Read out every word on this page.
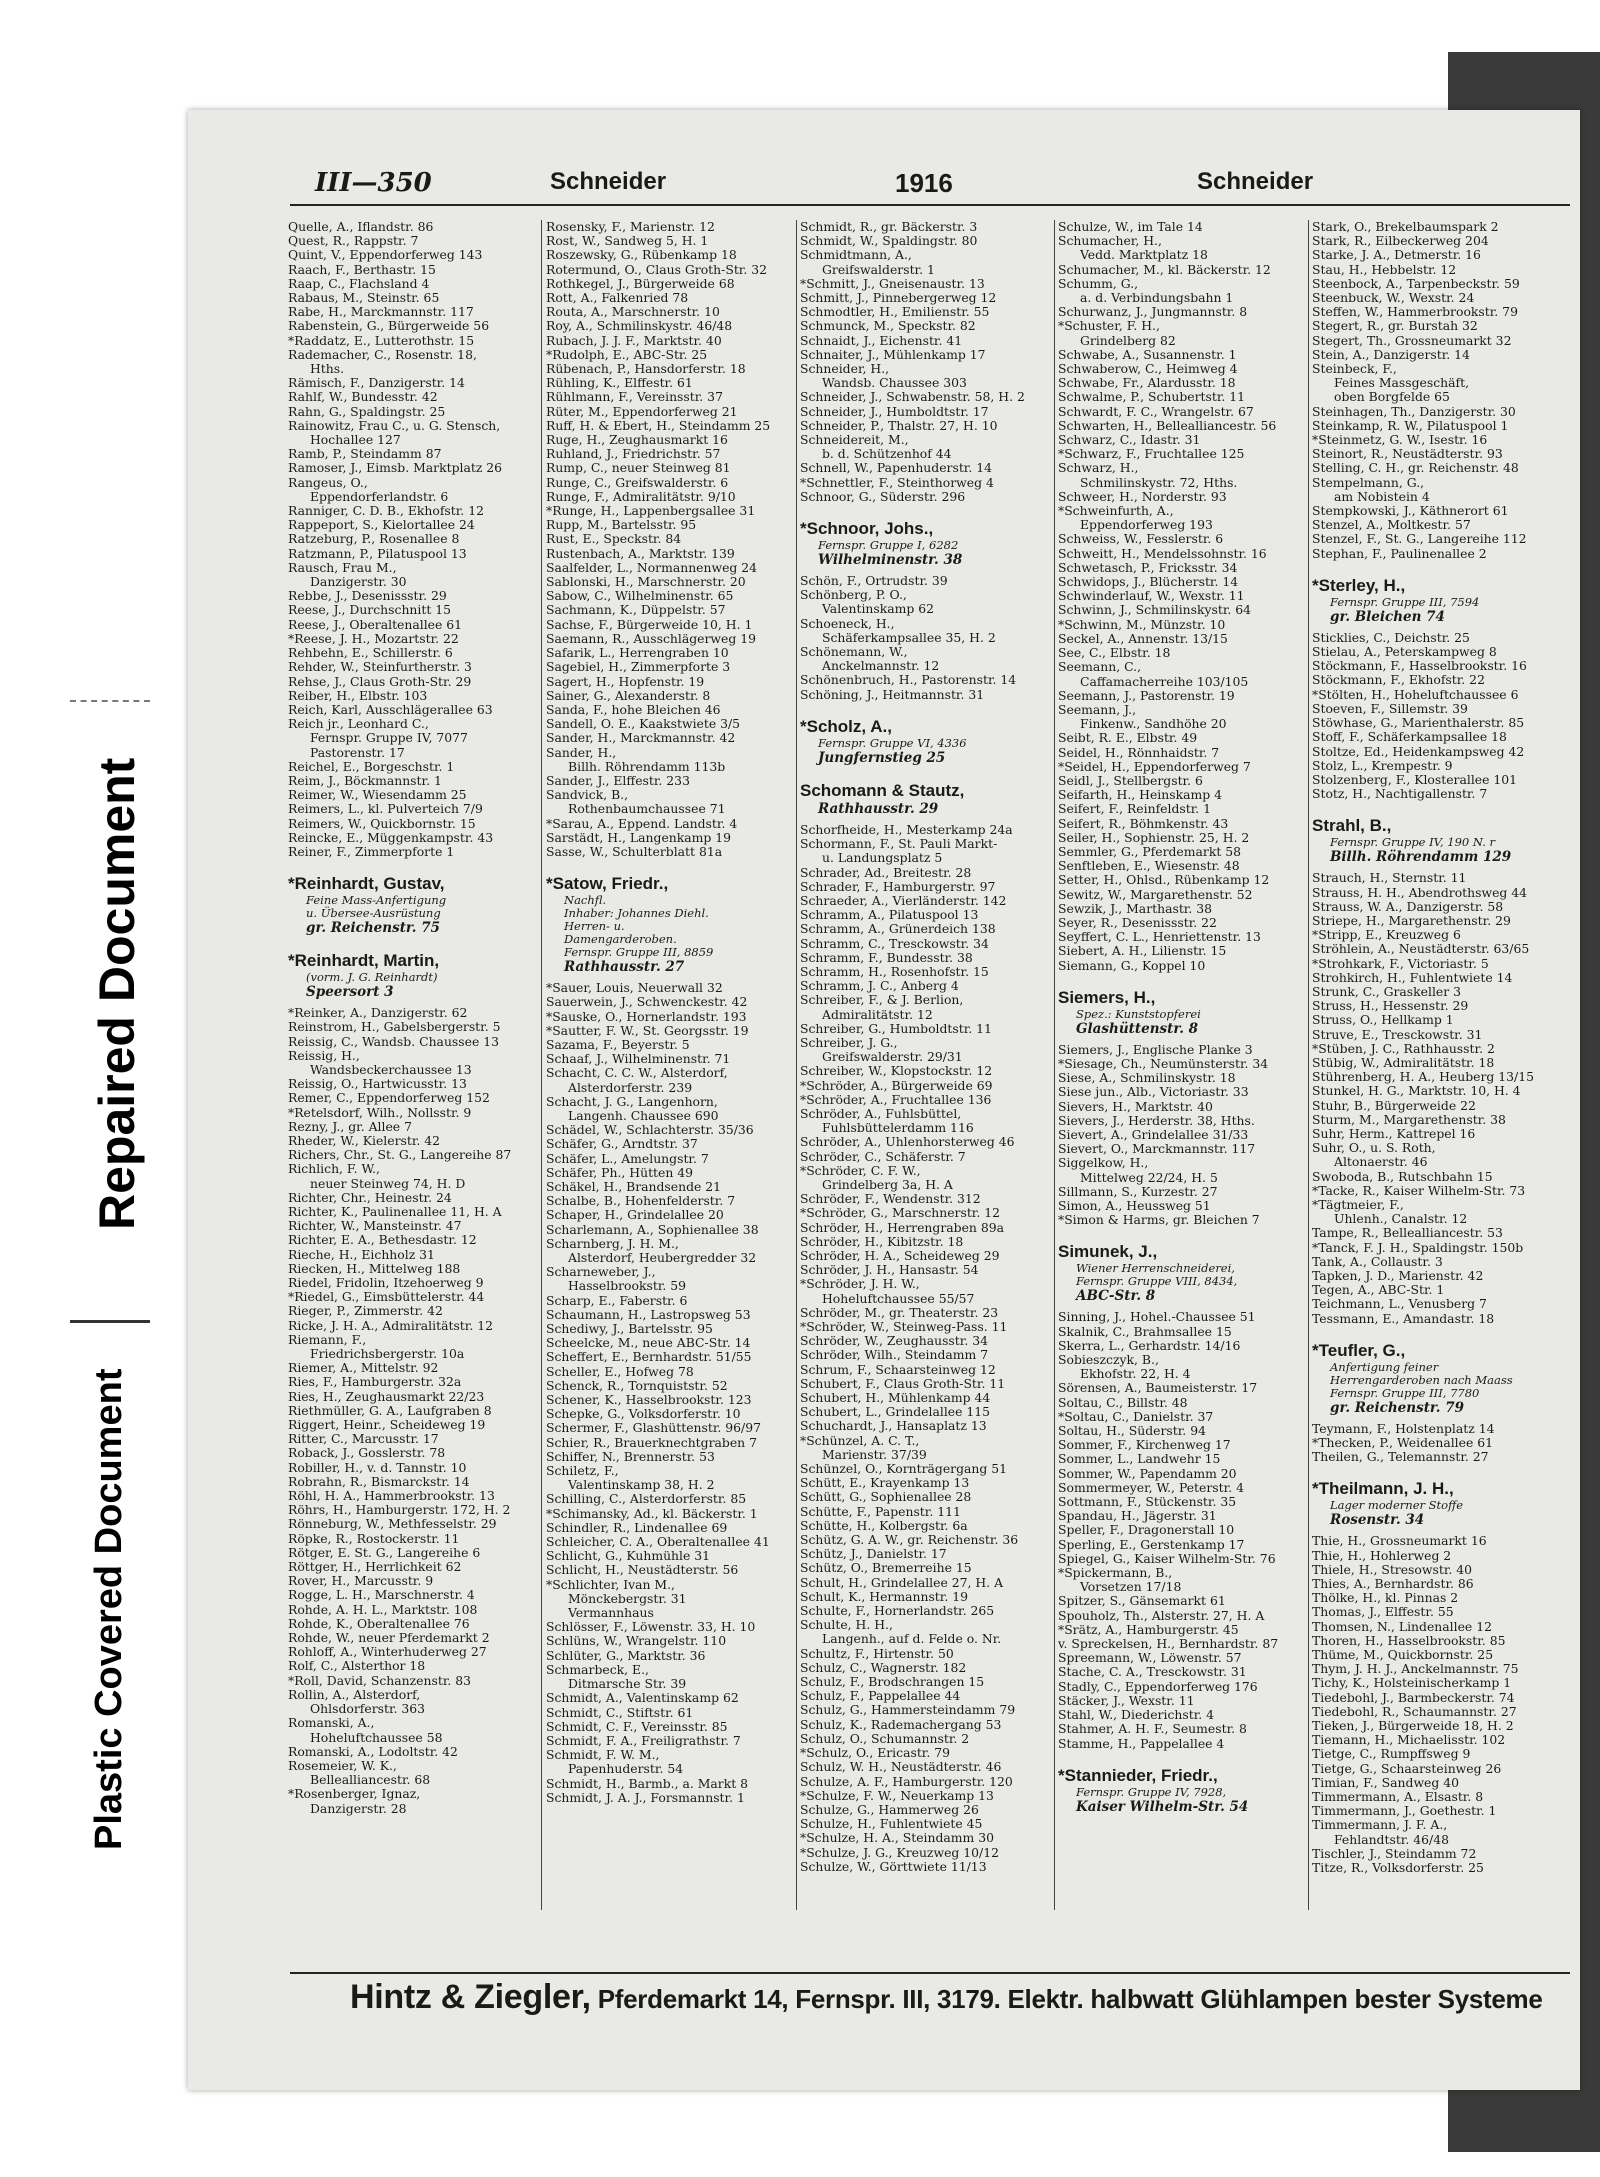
Plastic Covered Document
Repaired Document
III—350	Schneider	1916	Schneider
Quelle, A., Iflandstr. 86
Quest, R., Rappstr. 7
Quint, V., Eppendorferweg 143
Raach, F., Berthastr. 15
Raap, C., Flachsland 4
Rabaus, M., Steinstr. 65
Rabe, H., Marckmannstr. 117
Rabenstein, G., Bürgerweide 56
*Raddatz, E., Lutterothstr. 15
Rademacher, C., Rosenstr. 18,
Hths.
Rämisch, F., Danzigerstr. 14
Rahlf, W., Bundesstr. 42
Rahn, G., Spaldingstr. 25
Rainowitz, Frau C., u. G. Stensch,
Hochallee 127
Ramb, P., Steindamm 87
Ramoser, J., Eimsb. Marktplatz 26
Rangeus, O.,
Eppendorferlandstr. 6
Ranniger, C. D. B., Ekhofstr. 12
Rappeport, S., Kielortallee 24
Ratzeburg, P., Rosenallee 8
Ratzmann, P., Pilatuspool 13
Rausch, Frau M.,
Danzigerstr. 30
Rebbe, J., Desenissstr. 29
Reese, J., Durchschnitt 15
Reese, J., Oberaltenallee 61
*Reese, J. H., Mozartstr. 22
Rehbehn, E., Schillerstr. 6
Rehder, W., Steinfurtherstr. 3
Rehse, J., Claus Groth-Str. 29
Reiber, H., Elbstr. 103
Reich, Karl, Ausschlägerallee 63
Reich jr., Leonhard C.,
Fernspr. Gruppe IV, 7077
Pastorenstr. 17
Reichel, E., Borgeschstr. 1
Reim, J., Böckmannstr. 1
Reimer, W., Wiesendamm 25
Reimers, L., kl. Pulverteich 7/9
Reimers, W., Quickbornstr. 15
Reincke, E., Müggenkampstr. 43
Reiner, F., Zimmerpforte 1
*Reinhardt, Gustav,
Feine Mass-Anfertigung
u. Übersee-Ausrüstung
gr. Reichenstr. 75
*Reinhardt, Martin,
(vorm. J. G. Reinhardt)
Speersort 3
*Reinker, A., Danzigerstr. 62
Reinstrom, H., Gabelsbergerstr. 5
Reissig, C., Wandsb. Chaussee 13
Reissig, H.,
Wandsbeckerchaussee 13
Reissig, O., Hartwicusstr. 13
Remer, C., Eppendorferweg 152
*Retelsdorf, Wilh., Nollsstr. 9
Rezny, J., gr. Allee 7
Rheder, W., Kielerstr. 42
Richers, Chr., St. G., Langereihe 87
Richlich, F. W.,
neuer Steinweg 74, H. D
Richter, Chr., Heinestr. 24
Richter, K., Paulinenallee 11, H. A
Richter, W., Mansteinstr. 47
Richter, E. A., Bethesdastr. 12
Rieche, H., Eichholz 31
Riecken, H., Mittelweg 188
Riedel, Fridolin, Itzehoerweg 9
*Riedel, G., Eimsbüttelerstr. 44
Rieger, P., Zimmerstr. 42
Ricke, J. H. A., Admiralitätstr. 12
Riemann, F.,
Friedrichsbergerstr. 10a
Riemer, A., Mittelstr. 92
Ries, F., Hamburgerstr. 32a
Ries, H., Zeughausmarkt 22/23
Riethmüller, G. A., Laufgraben 8
Riggert, Heinr., Scheideweg 19
Ritter, C., Marcusstr. 17
Roback, J., Gosslerstr. 78
Robiller, H., v. d. Tannstr. 10
Robrahn, R., Bismarckstr. 14
Röhl, H. A., Hammerbrookstr. 13
Röhrs, H., Hamburgerstr. 172, H. 2
Rönneburg, W., Methfesselstr. 29
Röpke, R., Rostockerstr. 11
Rötger, E. St. G., Langereihe 6
Röttger, H., Herrlichkeit 62
Rover, H., Marcusstr. 9
Rogge, L. H., Marschnerstr. 4
Rohde, A. H. L., Marktstr. 108
Rohde, K., Oberaltenallee 76
Rohde, W., neuer Pferdemarkt 2
Rohloff, A., Winterhuderweg 27
Rolf, C., Alsterthor 18
*Roll, David, Schanzenstr. 83
Rollin, A., Alsterdorf,
Ohlsdorferstr. 363
Romanski, A.,
Hoheluftchaussee 58
Romanski, A., Lodoltstr. 42
Rosemeier, W. K.,
Bellealliancestr. 68
*Rosenberger, Ignaz,
Danzigerstr. 28
Rosensky, F., Marienstr. 12
Rost, W., Sandweg 5, H. 1
Roszewsky, G., Rübenkamp 18
Rotermund, O., Claus Groth-Str. 32
Rothkegel, J., Bürgerweide 68
Rott, A., Falkenried 78
Routa, A., Marschnerstr. 10
Roy, A., Schmilinskystr. 46/48
Rubach, J. J. F., Marktstr. 40
*Rudolph, E., ABC-Str. 25
Rübenach, P., Hansdorferstr. 18
Rühling, K., Elffestr. 61
Rühlmann, F., Vereinsstr. 37
Rüter, M., Eppendorferweg 21
Ruff, H. & Ebert, H., Steindamm 25
Ruge, H., Zeughausmarkt 16
Ruhland, J., Friedrichstr. 57
Rump, C., neuer Steinweg 81
Runge, C., Greifswalderstr. 6
Runge, F., Admiralitätstr. 9/10
*Runge, H., Lappenbergsallee 31
Rupp, M., Bartelsstr. 95
Rust, E., Speckstr. 84
Rustenbach, A., Marktstr. 139
Saalfelder, L., Normannenweg 24
Sablonski, H., Marschnerstr. 20
Sabow, C., Wilhelminenstr. 65
Sachmann, K., Düppelstr. 57
Sachse, F., Bürgerweide 10, H. 1
Saemann, R., Ausschlägerweg 19
Safarik, L., Herrengraben 10
Sagebiel, H., Zimmerpforte 3
Sagert, H., Hopfenstr. 19
Sainer, G., Alexanderstr. 8
Sanda, F., hohe Bleichen 46
Sandell, O. E., Kaakstwiete 3/5
Sander, H., Marckmannstr. 42
Sander, H.,
Billh. Röhrendamm 113b
Sander, J., Elffestr. 233
Sandvick, B.,
Rothenbaumchaussee 71
*Sarau, A., Eppend. Landstr. 4
Sarstädt, H., Langenkamp 19
Sasse, W., Schulterblatt 81a
*Satow, Friedr.,
Nachfl.
Inhaber: Johannes Diehl.
Herren- u.
Damengarderoben.
Fernspr. Gruppe III, 8859
Rathhausstr. 27
*Sauer, Louis, Neuerwall 32
Sauerwein, J., Schwenckestr. 42
*Sauske, O., Hornerlandstr. 193
*Sautter, F. W., St. Georgsstr. 19
Sazama, F., Beyerstr. 5
Schaaf, J., Wilhelminenstr. 71
Schacht, C. C. W., Alsterdorf,
Alsterdorferstr. 239
Schacht, J. G., Langenhorn,
Langenh. Chaussee 690
Schädel, W., Schlachterstr. 35/36
Schäfer, G., Arndtstr. 37
Schäfer, L., Amelungstr. 7
Schäfer, Ph., Hütten 49
Schäkel, H., Brandsende 21
Schalbe, B., Hohenfelderstr. 7
Schaper, H., Grindelallee 20
Scharlemann, A., Sophienallee 38
Scharnberg, J. H. M.,
Alsterdorf, Heubergredder 32
Scharneweber, J.,
Hasselbrookstr. 59
Scharp, E., Faberstr. 6
Schaumann, H., Lastropsweg 53
Schediwy, J., Bartelsstr. 95
Scheelcke, M., neue ABC-Str. 14
Scheffert, E., Bernhardstr. 51/55
Scheller, E., Hofweg 78
Schenck, R., Tornquiststr. 52
Schener, K., Hasselbrookstr. 123
Schepke, G., Volksdorferstr. 10
Schermer, F., Glashüttenstr. 96/97
Schier, R., Brauerknechtgraben 7
Schiffer, N., Brennerstr. 53
Schiletz, F.,
Valentinskamp 38, H. 2
Schilling, C., Alsterdorferstr. 85
*Schimansky, Ad., kl. Bäckerstr. 1
Schindler, R., Lindenallee 69
Schleicher, C. A., Oberaltenallee 41
Schlicht, G., Kuhmühle 31
Schlicht, H., Neustädterstr. 56
*Schlichter, Ivan M.,
Mönckebergstr. 31
Vermannhaus
Schlösser, F., Löwenstr. 33, H. 10
Schlüns, W., Wrangelstr. 110
Schlüter, G., Marktstr. 36
Schmarbeck, E.,
Ditmarsche Str. 39
Schmidt, A., Valentinskamp 62
Schmidt, C., Stiftstr. 61
Schmidt, C. F., Vereinsstr. 85
Schmidt, F. A., Freiligrathstr. 7
Schmidt, F. W. M.,
Papenhuderstr. 54
Schmidt, H., Barmb., a. Markt 8
Schmidt, J. A. J., Forsmannstr. 1
Schmidt, R., gr. Bäckerstr. 3
Schmidt, W., Spaldingstr. 80
Schmidtmann, A.,
Greifswalderstr. 1
*Schmitt, J., Gneisenaustr. 13
Schmitt, J., Pinnebergerweg 12
Schmodtler, H., Emilienstr. 55
Schmunck, M., Speckstr. 82
Schnaidt, J., Eichenstr. 41
Schnaiter, J., Mühlenkamp 17
Schneider, H.,
Wandsb. Chaussee 303
Schneider, J., Schwabenstr. 58, H. 2
Schneider, J., Humboldtstr. 17
Schneider, P., Thalstr. 27, H. 10
Schneidereit, M.,
b. d. Schützenhof 44
Schnell, W., Papenhuderstr. 14
*Schnettler, F., Steinthorweg 4
Schnoor, G., Süderstr. 296
*Schnoor, Johs.,
Fernspr. Gruppe I, 6282
Wilhelminenstr. 38
Schön, F., Ortrudstr. 39
Schönberg, P. O.,
Valentinskamp 62
Schoeneck, H.,
Schäferkampsallee 35, H. 2
Schönemann, W.,
Anckelmannstr. 12
Schönenbruch, H., Pastorenstr. 14
Schöning, J., Heitmannstr. 31
*Scholz, A.,
Fernspr. Gruppe VI, 4336
Jungfernstieg 25
Schomann & Stautz,
Rathhausstr. 29
Schorfheide, H., Mesterkamp 24a
Schormann, F., St. Pauli Markt-
u. Landungsplatz 5
Schrader, Ad., Breitestr. 28
Schrader, F., Hamburgerstr. 97
Schraeder, A., Vierländerstr. 142
Schramm, A., Pilatuspool 13
Schramm, A., Grünerdeich 138
Schramm, C., Tresckowstr. 34
Schramm, F., Bundesstr. 38
Schramm, H., Rosenhofstr. 15
Schramm, J. C., Anberg 4
Schreiber, F., & J. Berlion,
Admiralitätstr. 12
Schreiber, G., Humboldtstr. 11
Schreiber, J. G.,
Greifswalderstr. 29/31
Schreiber, W., Klopstockstr. 12
*Schröder, A., Bürgerweide 69
*Schröder, A., Fruchtallee 136
Schröder, A., Fuhlsbüttel,
Fuhlsbüttelerdamm 116
Schröder, A., Uhlenhorsterweg 46
Schröder, C., Schäferstr. 7
*Schröder, C. F. W.,
Grindelberg 3a, H. A
Schröder, F., Wendenstr. 312
*Schröder, G., Marschnerstr. 12
Schröder, H., Herrengraben 89a
Schröder, H., Kibitzstr. 18
Schröder, H. A., Scheideweg 29
Schröder, J. H., Hansastr. 54
*Schröder, J. H. W.,
Hoheluftchaussee 55/57
Schröder, M., gr. Theaterstr. 23
*Schröder, W., Steinweg-Pass. 11
Schröder, W., Zeughausstr. 34
Schröder, Wilh., Steindamm 7
Schrum, F., Schaarsteinweg 12
Schubert, F., Claus Groth-Str. 11
Schubert, H., Mühlenkamp 44
Schubert, L., Grindelallee 115
Schuchardt, J., Hansaplatz 13
*Schünzel, A. C. T.,
Marienstr. 37/39
Schünzel, O., Kornträgergang 51
Schütt, E., Krayenkamp 13
Schütt, G., Sophienallee 28
Schütte, F., Papenstr. 111
Schütte, H., Kolbergstr. 6a
Schütz, G. A. W., gr. Reichenstr. 36
Schütz, J., Danielstr. 17
Schütz, O., Bremerreihe 15
Schult, H., Grindelallee 27, H. A
Schult, K., Hermannstr. 19
Schulte, F., Hornerlandstr. 265
Schulte, H. H.,
Langenh., auf d. Felde o. Nr.
Schultz, F., Hirtenstr. 50
Schulz, C., Wagnerstr. 182
Schulz, F., Brodschrangen 15
Schulz, F., Pappelallee 44
Schulz, G., Hammersteindamm 79
Schulz, K., Rademachergang 53
Schulz, O., Schumannstr. 2
*Schulz, O., Ericastr. 79
Schulz, W. H., Neustädterstr. 46
Schulze, A. F., Hamburgerstr. 120
*Schulze, F. W., Neuerkamp 13
Schulze, G., Hammerweg 26
Schulze, H., Fuhlentwiete 45
*Schulze, H. A., Steindamm 30
*Schulze, J. G., Kreuzweg 10/12
Schulze, W., Görttwiete 11/13
Schulze, W., im Tale 14
Schumacher, H.,
Vedd. Marktplatz 18
Schumacher, M., kl. Bäckerstr. 12
Schumm, G.,
a. d. Verbindungsbahn 1
Schurwanz, J., Jungmannstr. 8
*Schuster, F. H.,
Grindelberg 82
Schwabe, A., Susannenstr. 1
Schwaberow, C., Heimweg 4
Schwabe, Fr., Alardusstr. 18
Schwalme, P., Schubertstr. 11
Schwardt, F. C., Wrangelstr. 67
Schwarten, H., Bellealliancestr. 56
Schwarz, C., Idastr. 31
*Schwarz, F., Fruchtallee 125
Schwarz, H.,
Schmilinskystr. 72, Hths.
Schweer, H., Norderstr. 93
*Schweinfurth, A.,
Eppendorferweg 193
Schweiss, W., Fesslerstr. 6
Schweitt, H., Mendelssohnstr. 16
Schwetasch, P., Fricksstr. 34
Schwidops, J., Blücherstr. 14
Schwinderlauf, W., Wexstr. 11
Schwinn, J., Schmilinskystr. 64
*Schwinn, M., Münzstr. 10
Seckel, A., Annenstr. 13/15
See, C., Elbstr. 18
Seemann, C.,
Caffamacherreihe 103/105
Seemann, J., Pastorenstr. 19
Seemann, J.,
Finkenw., Sandhöhe 20
Seibt, R. E., Elbstr. 49
Seidel, H., Rönnhaidstr. 7
*Seidel, H., Eppendorferweg 7
Seidl, J., Stellbergstr. 6
Seifarth, H., Heinskamp 4
Seifert, F., Reinfeldstr. 1
Seifert, R., Böhmkenstr. 43
Seiler, H., Sophienstr. 25, H. 2
Semmler, G., Pferdemarkt 58
Senftleben, E., Wiesenstr. 48
Setter, H., Ohlsd., Rübenkamp 12
Sewitz, W., Margarethenstr. 52
Sewzik, J., Marthastr. 38
Seyer, R., Desenissstr. 22
Seyffert, C. L., Henriettenstr. 13
Siebert, A. H., Lilienstr. 15
Siemann, G., Koppel 10
Siemers, H.,
Spez.: Kunststopferei
Glashüttenstr. 8
Siemers, J., Englische Planke 3
*Siesage, Ch., Neumünsterstr. 34
Siese, A., Schmilinskystr. 18
Siese jun., Alb., Victoriastr. 33
Sievers, H., Marktstr. 40
Sievers, J., Herderstr. 38, Hths.
Sievert, A., Grindelallee 31/33
Sievert, O., Marckmannstr. 117
Siggelkow, H.,
Mittelweg 22/24, H. 5
Sillmann, S., Kurzestr. 27
Simon, A., Heussweg 51
*Simon & Harms, gr. Bleichen 7
Simunek, J.,
Wiener Herrenschneiderei,
Fernspr. Gruppe VIII, 8434,
ABC-Str. 8
Sinning, J., Hohel.-Chaussee 51
Skalnik, C., Brahmsallee 15
Skerra, L., Gerhardstr. 14/16
Sobieszczyk, B.,
Ekhofstr. 22, H. 4
Sörensen, A., Baumeisterstr. 17
Soltau, C., Billstr. 48
*Soltau, C., Danielstr. 37
Soltau, H., Süderstr. 94
Sommer, F., Kirchenweg 17
Sommer, L., Landwehr 15
Sommer, W., Papendamm 20
Sommermeyer, W., Peterstr. 4
Sottmann, F., Stückenstr. 35
Spandau, H., Jägerstr. 31
Speller, F., Dragonerstall 10
Sperling, E., Gerstenkamp 17
Spiegel, G., Kaiser Wilhelm-Str. 76
*Spickermann, B.,
Vorsetzen 17/18
Spitzer, S., Gänsemarkt 61
Spouholz, Th., Alsterstr. 27, H. A
*Srätz, A., Hamburgerstr. 45
v. Spreckelsen, H., Bernhardstr. 87
Spreemann, W., Löwenstr. 57
Stache, C. A., Tresckowstr. 31
Stadly, C., Eppendorferweg 176
Stäcker, J., Wexstr. 11
Stahl, W., Diederichstr. 4
Stahmer, A. H. F., Seumestr. 8
Stamme, H., Pappelallee 4
*Stannieder, Friedr.,
Fernspr. Gruppe IV, 7928,
Kaiser Wilhelm-Str. 54
Stark, O., Brekelbaumspark 2
Stark, R., Eilbeckerweg 204
Starke, J. A., Detmerstr. 16
Stau, H., Hebbelstr. 12
Steenbock, A., Tarpenbeckstr. 59
Steenbuck, W., Wexstr. 24
Steffen, W., Hammerbrookstr. 79
Stegert, R., gr. Burstah 32
Stegert, Th., Grossneumarkt 32
Stein, A., Danzigerstr. 14
Steinbeck, F.,
Feines Massgeschäft,
oben Borgfelde 65
Steinhagen, Th., Danzigerstr. 30
Steinkamp, R. W., Pilatuspool 1
*Steinmetz, G. W., Isestr. 16
Steinort, R., Neustädterstr. 93
Stelling, C. H., gr. Reichenstr. 48
Stempelmann, G.,
am Nobistein 4
Stempkowski, J., Käthnerort 61
Stenzel, A., Moltkestr. 57
Stenzel, F., St. G., Langereihe 112
Stephan, F., Paulinenallee 2
*Sterley, H.,
Fernspr. Gruppe III, 7594
gr. Bleichen 74
Sticklies, C., Deichstr. 25
Stielau, A., Peterskampweg 8
Stöckmann, F., Hasselbrookstr. 16
Stöckmann, F., Ekhofstr. 22
*Stölten, H., Hoheluftchaussee 6
Stoeven, F., Sillemstr. 39
Stöwhase, G., Marienthalerstr. 85
Stoff, F., Schäferkampsallee 18
Stoltze, Ed., Heidenkampsweg 42
Stolz, L., Krempestr. 9
Stolzenberg, F., Klosterallee 101
Stotz, H., Nachtigallenstr. 7
Strahl, B.,
Fernspr. Gruppe IV, 190 N. r
Billh. Röhrendamm 129
Strauch, H., Sternstr. 11
Strauss, H. H., Abendrothsweg 44
Strauss, W. A., Danzigerstr. 58
Striepe, H., Margarethenstr. 29
*Stripp, E., Kreuzweg 6
Ströhlein, A., Neustädterstr. 63/65
*Strohkark, F., Victoriastr. 5
Strohkirch, H., Fuhlentwiete 14
Strunk, C., Graskeller 3
Struss, H., Hessenstr. 29
Struss, O., Hellkamp 1
Struve, E., Tresckowstr. 31
*Stüben, J. C., Rathhausstr. 2
Stübig, W., Admiralitätstr. 18
Stührenberg, H. A., Heuberg 13/15
Stunkel, H. G., Marktstr. 10, H. 4
Stuhr, B., Bürgerweide 22
Sturm, M., Margarethenstr. 38
Suhr, Herm., Kattrepel 16
Suhr, O., u. S. Roth,
Altonaerstr. 46
Swoboda, B., Rutschbahn 15
*Tacke, R., Kaiser Wilhelm-Str. 73
*Tägtmeier, F.,
Uhlenh., Canalstr. 12
Tampe, R., Bellealliancestr. 53
*Tanck, F. J. H., Spaldingstr. 150b
Tank, A., Collaustr. 3
Tapken, J. D., Marienstr. 42
Tegen, A., ABC-Str. 1
Teichmann, L., Venusberg 7
Tessmann, E., Amandastr. 18
*Teufler, G.,
Anfertigung feiner
Herrengarderoben nach Maass
Fernspr. Gruppe III, 7780
gr. Reichenstr. 79
Teymann, F., Holstenplatz 14
*Thecken, P., Weidenallee 61
Theilen, G., Telemannstr. 27
*Theilmann, J. H.,
Lager moderner Stoffe
Rosenstr. 34
Thie, H., Grossneumarkt 16
Thie, H., Hohlerweg 2
Thiele, H., Stresowstr. 40
Thies, A., Bernhardstr. 86
Thölke, H., kl. Pinnas 2
Thomas, J., Elffestr. 55
Thomsen, N., Lindenallee 12
Thoren, H., Hasselbrookstr. 85
Thüme, M., Quickbornstr. 25
Thym, J. H. J., Anckelmannstr. 75
Tichy, K., Holsteinischerkamp 1
Tiedebohl, J., Barmbeckerstr. 74
Tiedebohl, R., Schaumannstr. 27
Tieken, J., Bürgerweide 18, H. 2
Tiemann, H., Michaelisstr. 102
Tietge, C., Rumpffsweg 9
Tietge, G., Schaarsteinweg 26
Timian, F., Sandweg 40
Timmermann, A., Elsastr. 8
Timmermann, J., Goethestr. 1
Timmermann, J. F. A.,
Fehlandtstr. 46/48
Tischler, J., Steindamm 72
Titze, R., Volksdorferstr. 25
Hintz & Ziegler, Pferdemarkt 14, Fernspr. III, 3179. Elektr. halbwatt Glühlampen bester Systeme
